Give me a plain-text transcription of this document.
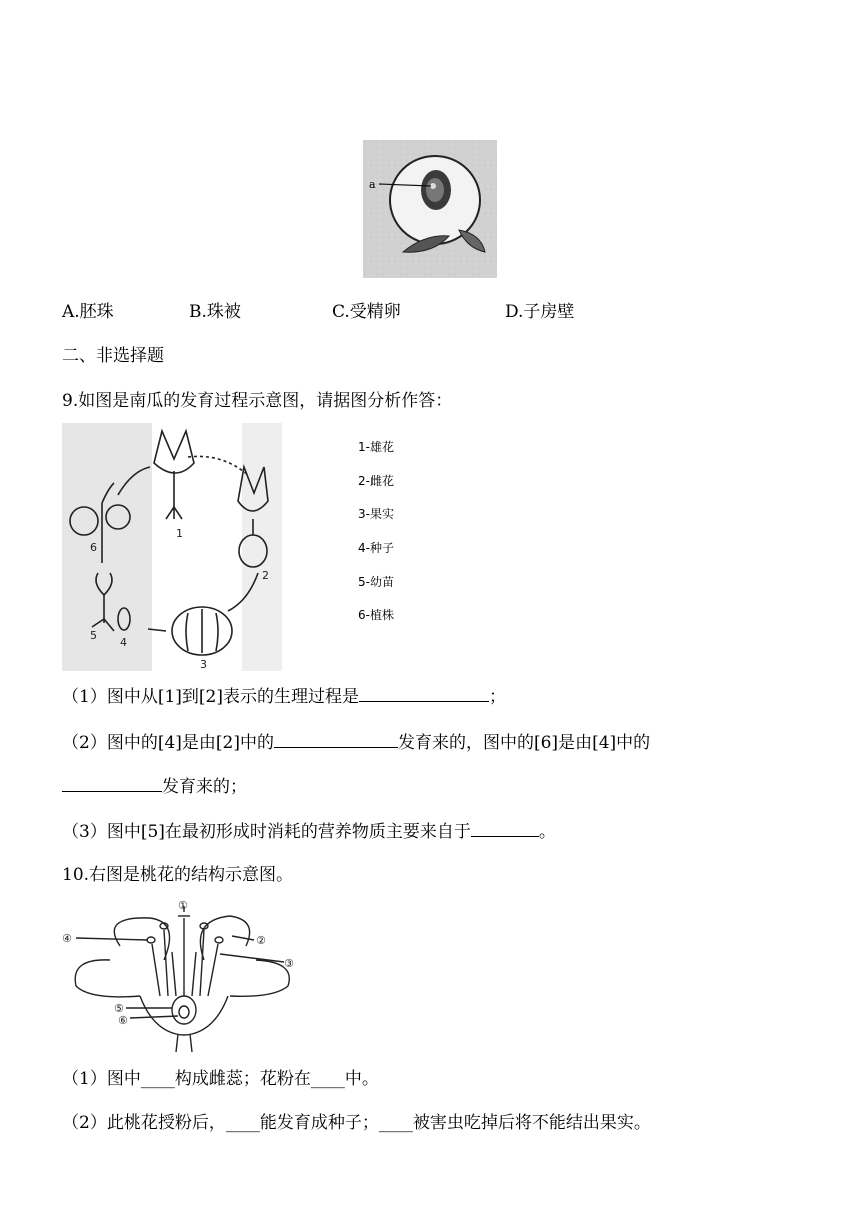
a
A.胚珠	B.珠被	C.受精卵	D.子房壁
二、非选择题
9.如图是南瓜的发育过程示意图，请据图分析作答：
1
2
3
4
5
6
1-雄花
2-雌花
3-果实
4-种子
5-幼苗
6-植株
（1）图中从[1]到[2]表示的生理过程是	；
（2）图中的[4]是由[2]中的	发育来的，图中的[6]是由[4]中的
发育来的；
（3）图中[5]在最初形成时消耗的营养物质主要来自于	。
10.右图是桃花的结构示意图。
①
②
③
④
⑤
⑥
（1）图中____构成雌蕊；花粉在____中。
（2）此桃花授粉后，____能发育成种子；____被害虫吃掉后将不能结出果实。
